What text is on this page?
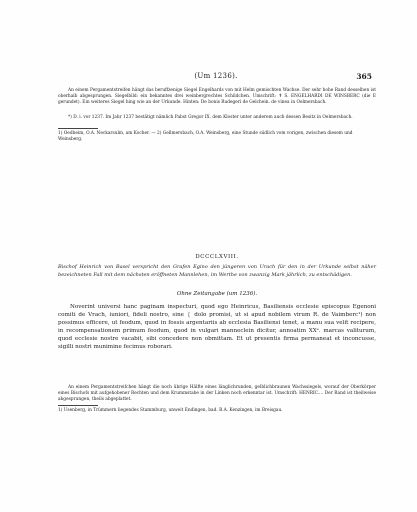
(Um 1236).	365

An einem Pergamentstreifen hängt das beruffzenige Siegel Engelhards von mit Helm gemischten Wachse. Der sehr hohe Rand desselben ist oberhalb abgesprungen. Siegelbild: ein bekanntes drei weinbergrechtes Schildchen. Umschrift: ✝ S. ENGELHARDI DE WINSBERC (die E gerundet). Ein weiteres Siegel hing wie an der Urkunde. Hinten: De bonis Rudegeri de Gelchein. de vinea in Oelmersbach.

*) D. i. vor 1237. Im Jahr 1237 bestätigt nämlich Pabst Gregor IX. dem Kloster unter anderem auch dessen Besitz in Oelmersbach.

1) Oedheim, O.A. Neckarsulm, am Kocher. — 2) Gellmersbach, O.A. Weinsberg, eine Stunde südlich vom vorigen, zwischen diesem und Weinsberg.

DCCCLXVIII.
Bischof Heinrich von Basel verspricht den Grafen Egino den jüngeren von Urach für den in der Urkunde selbst näher bezeichneten Fall mit dem nächsten eröffneten Mannlehen, im Werthe von zwanzig Mark jährlich, zu entschädigen.
Ohne Zeitangabe (um 1236).

Noverint universi hanc paginam inspecturi, quod ego Heinricus, Basiliensis ecclesie episcopus Egenoni comiti de Vrach, iuniori, fideli nostro, sine ❲ dolo promisi, ut si apud nobilem virum R. de Vaimberc¹) non possimus efficere, ut feodum, quod in fossis argentariis ab ecclesia Basiliensi tenet, a manu sua velit recipere, in recompensationem primum feodum, quod in vulgari manneclein dicitur, annoatim XXᵉ. marcas valiturum, quod ecclesie nostre vacabit, sibi concedere non obmittam. Et ut presentis firma permaneat et inconcusse, sigilli nostri munimine fecimus roborari.

An einem Pergamentstreifchen hängt die noch übrige Hälfte eines länglichrunden, gelblichbraunen Wachssiegels, worauf der Oberkörper eines Bischofs mit aufgehobener Rechten und dem Krummstabe in der Linken noch erkenntar ist. Umschrift: HENRIC.... Der Rand ist theilweise abgesprungen, theils abgeplattet.

1) Usenberg, in Trümmern liegendes Stammburg, unweit Endingen, bad. B.A. Kenzingen, im Breisgau.
